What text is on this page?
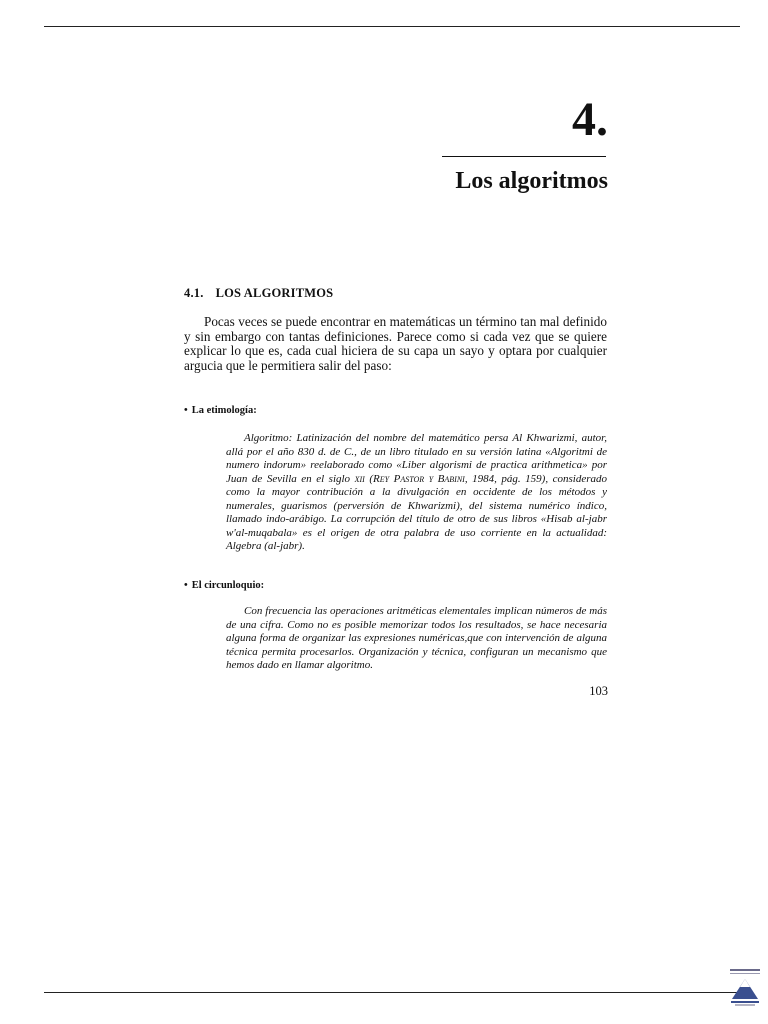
4.
Los algoritmos
4.1. LOS ALGORITMOS

Pocas veces se puede encontrar en matemáticas un término tan mal definido y sin embargo con tantas definiciones. Parece como si cada vez que se quiere explicar lo que es, cada cual hiciera de su capa un sayo y optara por cualquier argucia que le permitiera salir del paso:

• La etimología:

Algoritmo: Latinización del nombre del matemático persa Al Khwarizmi, autor, allá por el año 830 d. de C., de un libro titulado en su versión latina «Algoritmi de numero indorum» reelaborado como «Liber algorismi de practica arithmetica» por Juan de Sevilla en el siglo xii (Rey Pastor y Babini, 1984, pág. 159), considerado como la mayor contribución a la divulgación en occidente de los métodos y numerales, guarismos (perversión de Khwarizmi), del sistema numérico índico, llamado indo-arábigo. La corrupción del título de otro de sus libros «Hisab al-jabr w'al-muqabala» es el origen de otra palabra de uso corriente en la actualidad: Algebra (al-jabr).

• El circunloquio:

Con frecuencia las operaciones aritméticas elementales implican números de más de una cifra. Como no es posible memorizar todos los resultados, se hace necesaria alguna forma de organizar las expresiones numéricas,que con intervención de alguna técnica permita procesarlos. Organización y técnica, configuran un mecanismo que hemos dado en llamar algoritmo.

103
